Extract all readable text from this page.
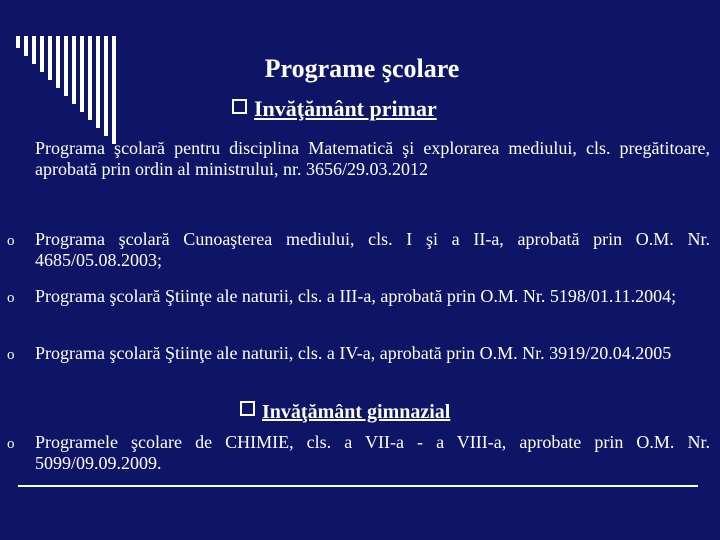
Programe şcolare
Invăţământ primar
Programa şcolară pentru disciplina Matematică şi explorarea mediului, cls. pregătitoare, aprobată prin ordin al ministrului, nr. 3656/29.03.2012
o Programa şcolară Cunoaşterea mediului, cls. I şi a II-a, aprobată prin O.M. Nr. 4685/05.08.2003;
o Programa şcolară Ştiinţe ale naturii, cls. a III-a, aprobată prin O.M. Nr. 5198/01.11.2004;
o Programa şcolară Ştiinţe ale naturii, cls. a IV-a, aprobată prin O.M. Nr. 3919/20.04.2005
Invăţământ gimnazial
o Programele şcolare de CHIMIE, cls. a VII-a - a VIII-a, aprobate prin O.M. Nr. 5099/09.09.2009.
